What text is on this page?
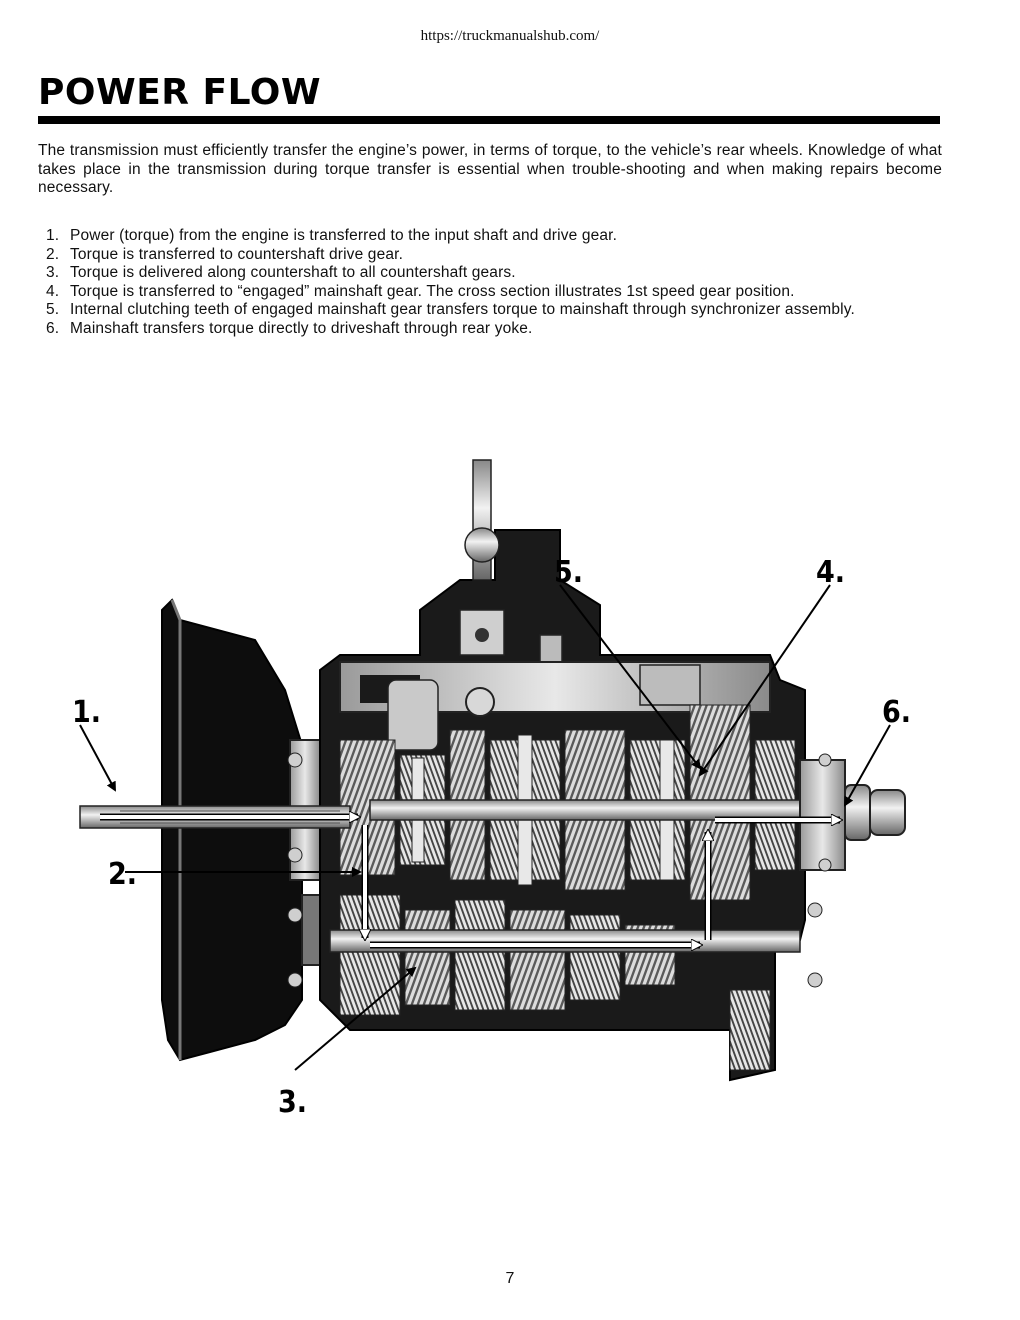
https://truckmanualshub.com/
POWER FLOW

The transmission must efficiently transfer the engine’s power, in terms of torque, to the vehicle’s rear wheels. Knowledge of what takes place in the transmission during torque transfer is essential when trouble-shooting and when making repairs become necessary.

1. Power (torque) from the engine is transferred to the input shaft and drive gear.
2. Torque is transferred to countershaft drive gear.
3. Torque is delivered along countershaft to all countershaft gears.
4. Torque is transferred to “engaged” mainshaft gear. The cross section illustrates 1st speed gear position.
5. Internal clutching teeth of engaged mainshaft gear transfers torque to mainshaft through synchronizer assembly.
6. Mainshaft transfers torque directly to driveshaft through rear yoke.
1.
2.
3.
4.
5.
6.
7
